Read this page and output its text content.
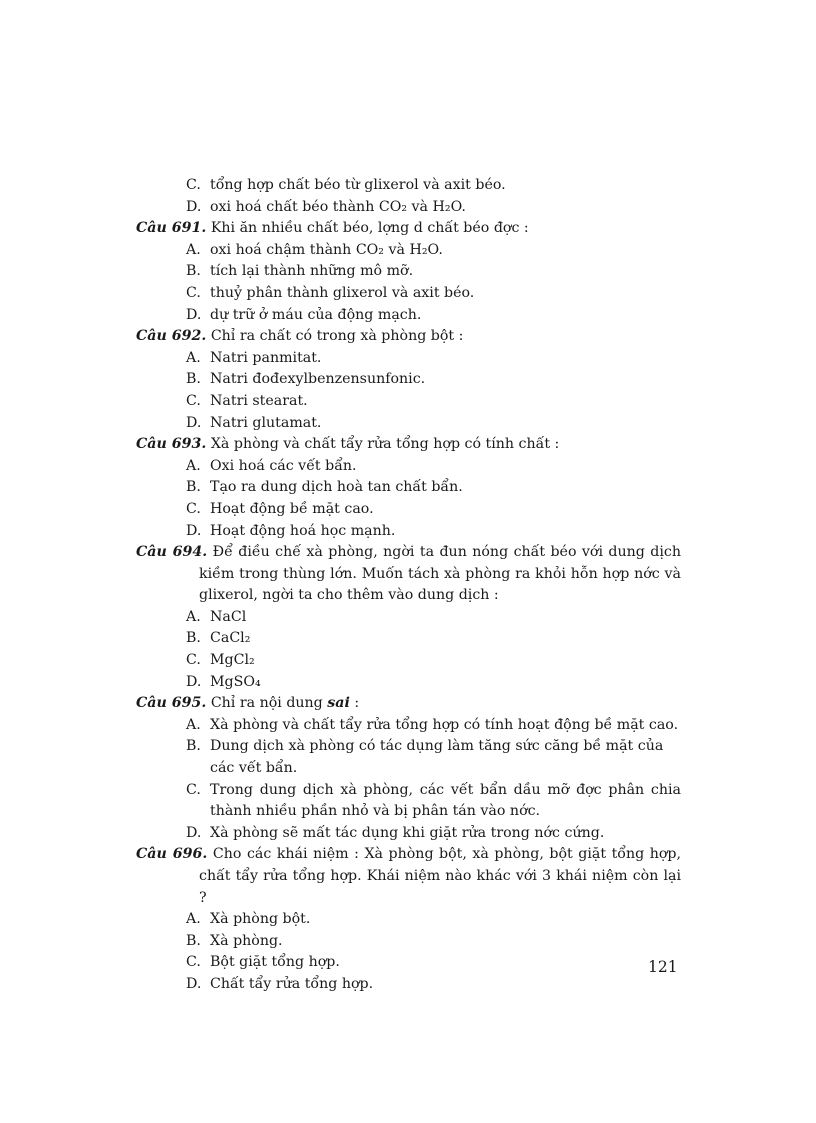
C. tổng hợp chất béo từ glixerol và axit béo.
D. oxi hoá chất béo thành CO₂ và H₂O.
Câu 691. Khi ăn nhiều chất béo, lợng d chất béo đợc :
A. oxi hoá chậm thành CO₂ và H₂O.
B. tích lại thành những mô mỡ.
C. thuỷ phân thành glixerol và axit béo.
D. dự trữ ở máu của động mạch.
Câu 692. Chỉ ra chất có trong xà phòng bột :
A. Natri panmitat.
B. Natri đođexylbenzensunfonic.
C. Natri stearat.
D. Natri glutamat.
Câu 693. Xà phòng và chất tẩy rửa tổng hợp có tính chất :
A. Oxi hoá các vết bẩn.
B. Tạo ra dung dịch hoà tan chất bẩn.
C. Hoạt động bề mặt cao.
D. Hoạt động hoá học mạnh.
Câu 694. Để điều chế xà phòng, ngời ta đun nóng chất béo với dung dịch kiềm trong thùng lớn. Muốn tách xà phòng ra khỏi hỗn hợp nớc và glixerol, ngời ta cho thêm vào dung dịch :
A. NaCl
B. CaCl₂
C. MgCl₂
D. MgSO₄
Câu 695. Chỉ ra nội dung sai :
A. Xà phòng và chất tẩy rửa tổng hợp có tính hoạt động bề mặt cao.
B. Dung dịch xà phòng có tác dụng làm tăng sức căng bề mặt của các vết bẩn.
C. Trong dung dịch xà phòng, các vết bẩn dầu mỡ đợc phân chia thành nhiều phần nhỏ và bị phân tán vào nớc.
D. Xà phòng sẽ mất tác dụng khi giặt rửa trong nớc cứng.
Câu 696. Cho các khái niệm : Xà phòng bột, xà phòng, bột giặt tổng hợp, chất tẩy rửa tổng hợp. Khái niệm nào khác với 3 khái niệm còn lại ?
A. Xà phòng bột.
B. Xà phòng.
C. Bột giặt tổng hợp.
D. Chất tẩy rửa tổng hợp.
121
